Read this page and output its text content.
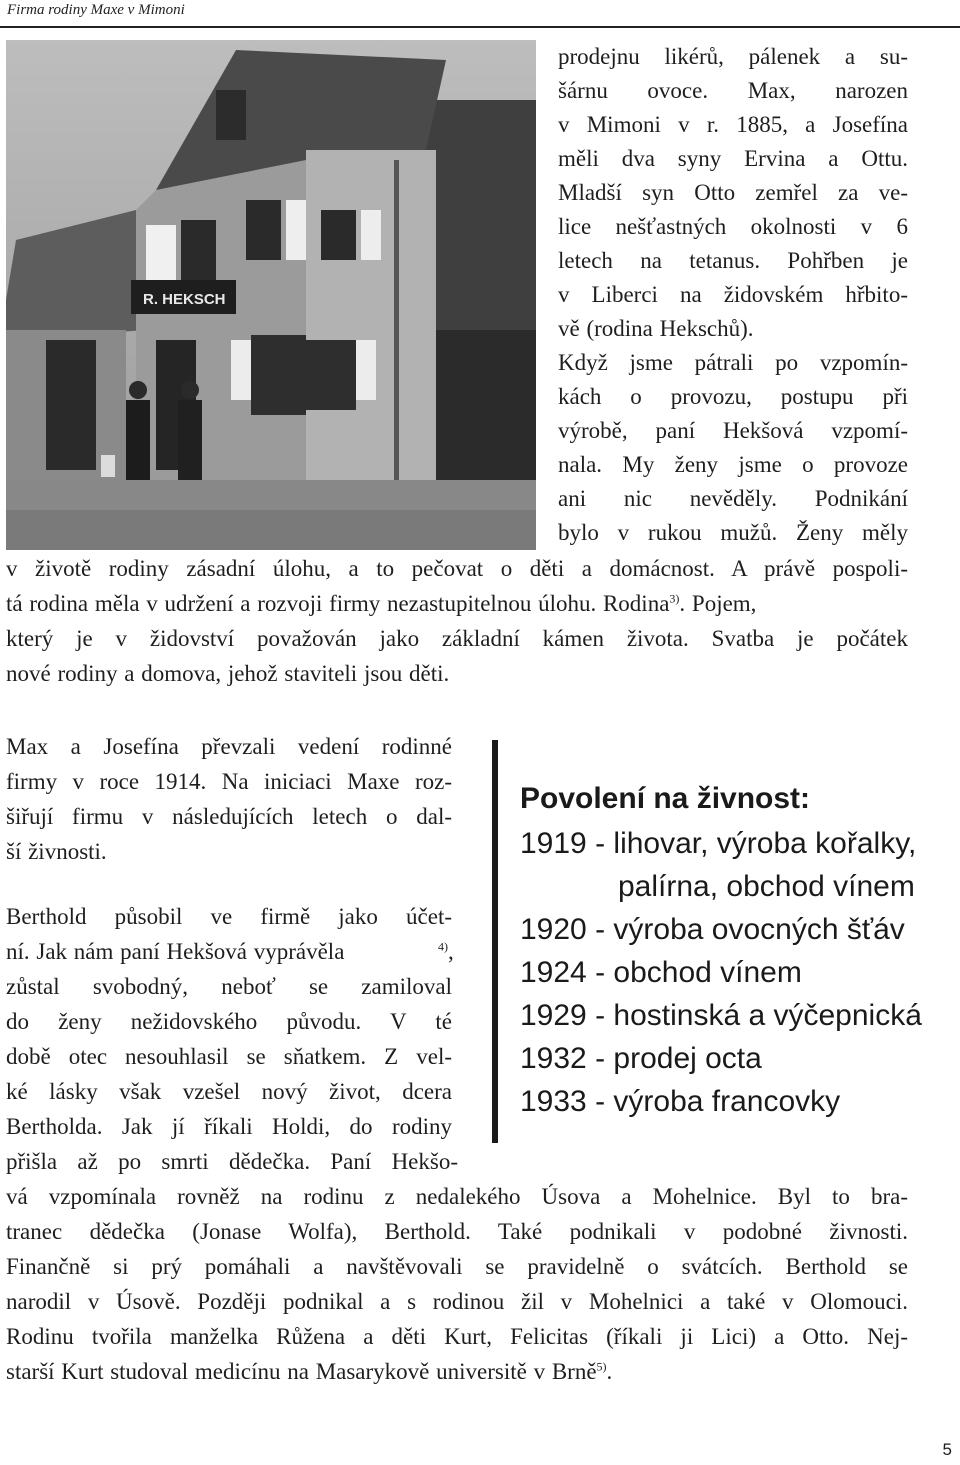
Firma rodiny Maxe v Mimoni
R. HEKSCH
prodejnu likérů, pálenek a su-
šárnu ovoce. Max, narozen
v Mimoni v r. 1885, a Josefína
měli dva syny Ervina a Ottu.
Mladší syn Otto zemřel za ve-
lice nešťastných okolnosti v 6
letech na tetanus. Pohřben je
v Liberci na židovském hřbito-
vě (rodina Hekschů).
Když jsme pátrali po vzpomín-
kách o provozu, postupu při
výrobě, paní Hekšová vzpomí-
nala. My ženy jsme o provoze
ani nic nevěděly. Podnikání
bylo v rukou mužů. Ženy měly
v životě rodiny zásadní úlohu, a to pečovat o děti a domácnost. A právě pospoli-
tá rodina měla v udržení a rozvoji firmy nezastupitelnou úlohu. Rodina$^{3)}$. Pojem,
který je v židovství považován jako základní kámen života. Svatba je počátek
nové rodiny a domova, jehož staviteli jsou děti.
Max a Josefína převzali vedení rodinné
firmy v roce 1914. Na iniciaci Maxe roz-
šiřují firmu v následujících letech o dal-
ší živnosti.
Berthold působil ve firmě jako účet-
ní. Jak nám paní Hekšová vyprávěla	$^{4)}$,
zůstal svobodný, neboť se zamiloval
do ženy nežidovského původu. V té
době otec nesouhlasil se sňatkem. Z vel-
ké lásky však vzešel nový život, dcera
Bertholda. Jak jí říkali Holdi, do rodiny
přišla až po smrti dědečka. Paní Hekšo-
vá vzpomínala rovněž na rodinu z nedalekého Úsova a Mohelnice. Byl to bra-
tranec dědečka (Jonase Wolfa), Berthold. Také podnikali v podobné živnosti.
Finančně si prý pomáhali a navštěvovali se pravidelně o svátcích. Berthold se
narodil v Úsově. Později podnikal a s rodinou žil v Mohelnici a také v Olomouci.
Rodinu tvořila manželka Růžena a děti Kurt, Felicitas (říkali ji Lici) a Otto. Nej-
starší Kurt studoval medicínu na Masarykově universitě v Brně$^{5)}$.
Povolení na živnost:
1919 - lihovar, výroba kořalky,
palírna, obchod vínem
1920 - výroba ovocných šťáv
1924 - obchod vínem
1929 - hostinská a výčepnická
1932 - prodej octa
1933 - výroba francovky
5
